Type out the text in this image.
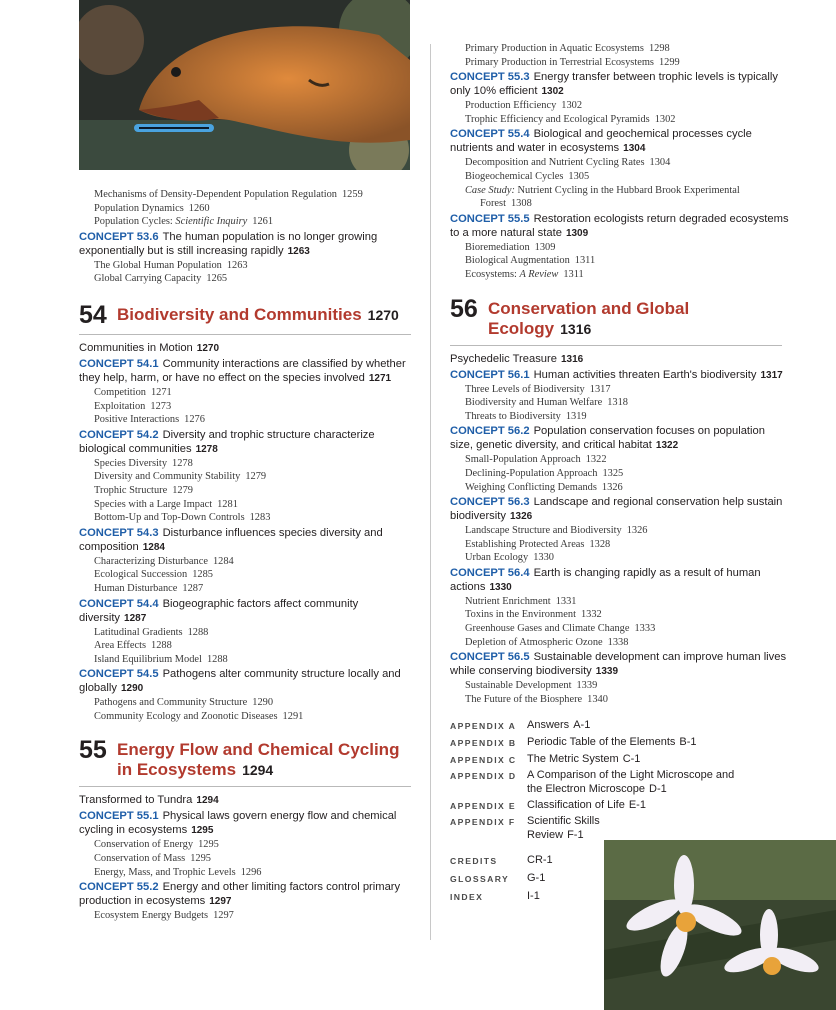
Mechanisms of Density-Dependent Population Regulation 1259
Population Dynamics 1260
Population Cycles: Scientific Inquiry 1261
CONCEPT 53.6 The human population is no longer growing exponentially but is still increasing rapidly 1263
The Global Human Population 1263
Global Carrying Capacity 1265
54 Biodiversity and Communities 1270
Communities in Motion 1270
CONCEPT 54.1 Community interactions are classified by whether they help, harm, or have no effect on the species involved 1271
Competition 1271
Exploitation 1273
Positive Interactions 1276
CONCEPT 54.2 Diversity and trophic structure characterize biological communities 1278
Species Diversity 1278
Diversity and Community Stability 1279
Trophic Structure 1279
Species with a Large Impact 1281
Bottom-Up and Top-Down Controls 1283
CONCEPT 54.3 Disturbance influences species diversity and composition 1284
Characterizing Disturbance 1284
Ecological Succession 1285
Human Disturbance 1287
CONCEPT 54.4 Biogeographic factors affect community diversity 1287
Latitudinal Gradients 1288
Area Effects 1288
Island Equilibrium Model 1288
CONCEPT 54.5 Pathogens alter community structure locally and globally 1290
Pathogens and Community Structure 1290
Community Ecology and Zoonotic Diseases 1291
55 Energy Flow and Chemical Cycling in Ecosystems 1294
Transformed to Tundra 1294
CONCEPT 55.1 Physical laws govern energy flow and chemical cycling in ecosystems 1295
Conservation of Energy 1295
Conservation of Mass 1295
Energy, Mass, and Trophic Levels 1296
CONCEPT 55.2 Energy and other limiting factors control primary production in ecosystems 1297
Ecosystem Energy Budgets 1297
Primary Production in Aquatic Ecosystems 1298
Primary Production in Terrestrial Ecosystems 1299
CONCEPT 55.3 Energy transfer between trophic levels is typically only 10% efficient 1302
Production Efficiency 1302
Trophic Efficiency and Ecological Pyramids 1302
CONCEPT 55.4 Biological and geochemical processes cycle nutrients and water in ecosystems 1304
Decomposition and Nutrient Cycling Rates 1304
Biogeochemical Cycles 1305
Case Study: Nutrient Cycling in the Hubbard Brook Experimental
Forest 1308
CONCEPT 55.5 Restoration ecologists return degraded ecosystems to a more natural state 1309
Bioremediation 1309
Biological Augmentation 1311
Ecosystems: A Review 1311
56 Conservation and Global Ecology 1316
Psychedelic Treasure 1316
CONCEPT 56.1 Human activities threaten Earth's biodiversity 1317
Three Levels of Biodiversity 1317
Biodiversity and Human Welfare 1318
Threats to Biodiversity 1319
CONCEPT 56.2 Population conservation focuses on population size, genetic diversity, and critical habitat 1322
Small-Population Approach 1322
Declining-Population Approach 1325
Weighing Conflicting Demands 1326
CONCEPT 56.3 Landscape and regional conservation help sustain biodiversity 1326
Landscape Structure and Biodiversity 1326
Establishing Protected Areas 1328
Urban Ecology 1330
CONCEPT 56.4 Earth is changing rapidly as a result of human actions 1330
Nutrient Enrichment 1331
Toxins in the Environment 1332
Greenhouse Gases and Climate Change 1333
Depletion of Atmospheric Ozone 1338
CONCEPT 56.5 Sustainable development can improve human lives while conserving biodiversity 1339
Sustainable Development 1339
The Future of the Biosphere 1340
APPENDIX A Answers A-1
APPENDIX B Periodic Table of the Elements B-1
APPENDIX C The Metric System C-1
APPENDIX D A Comparison of the Light Microscope and the Electron Microscope D-1
APPENDIX E Classification of Life E-1
APPENDIX F	Scientific Skills Review F-1
CREDITS	CR-1
GLOSSARY	G-1
INDEX	I-1
